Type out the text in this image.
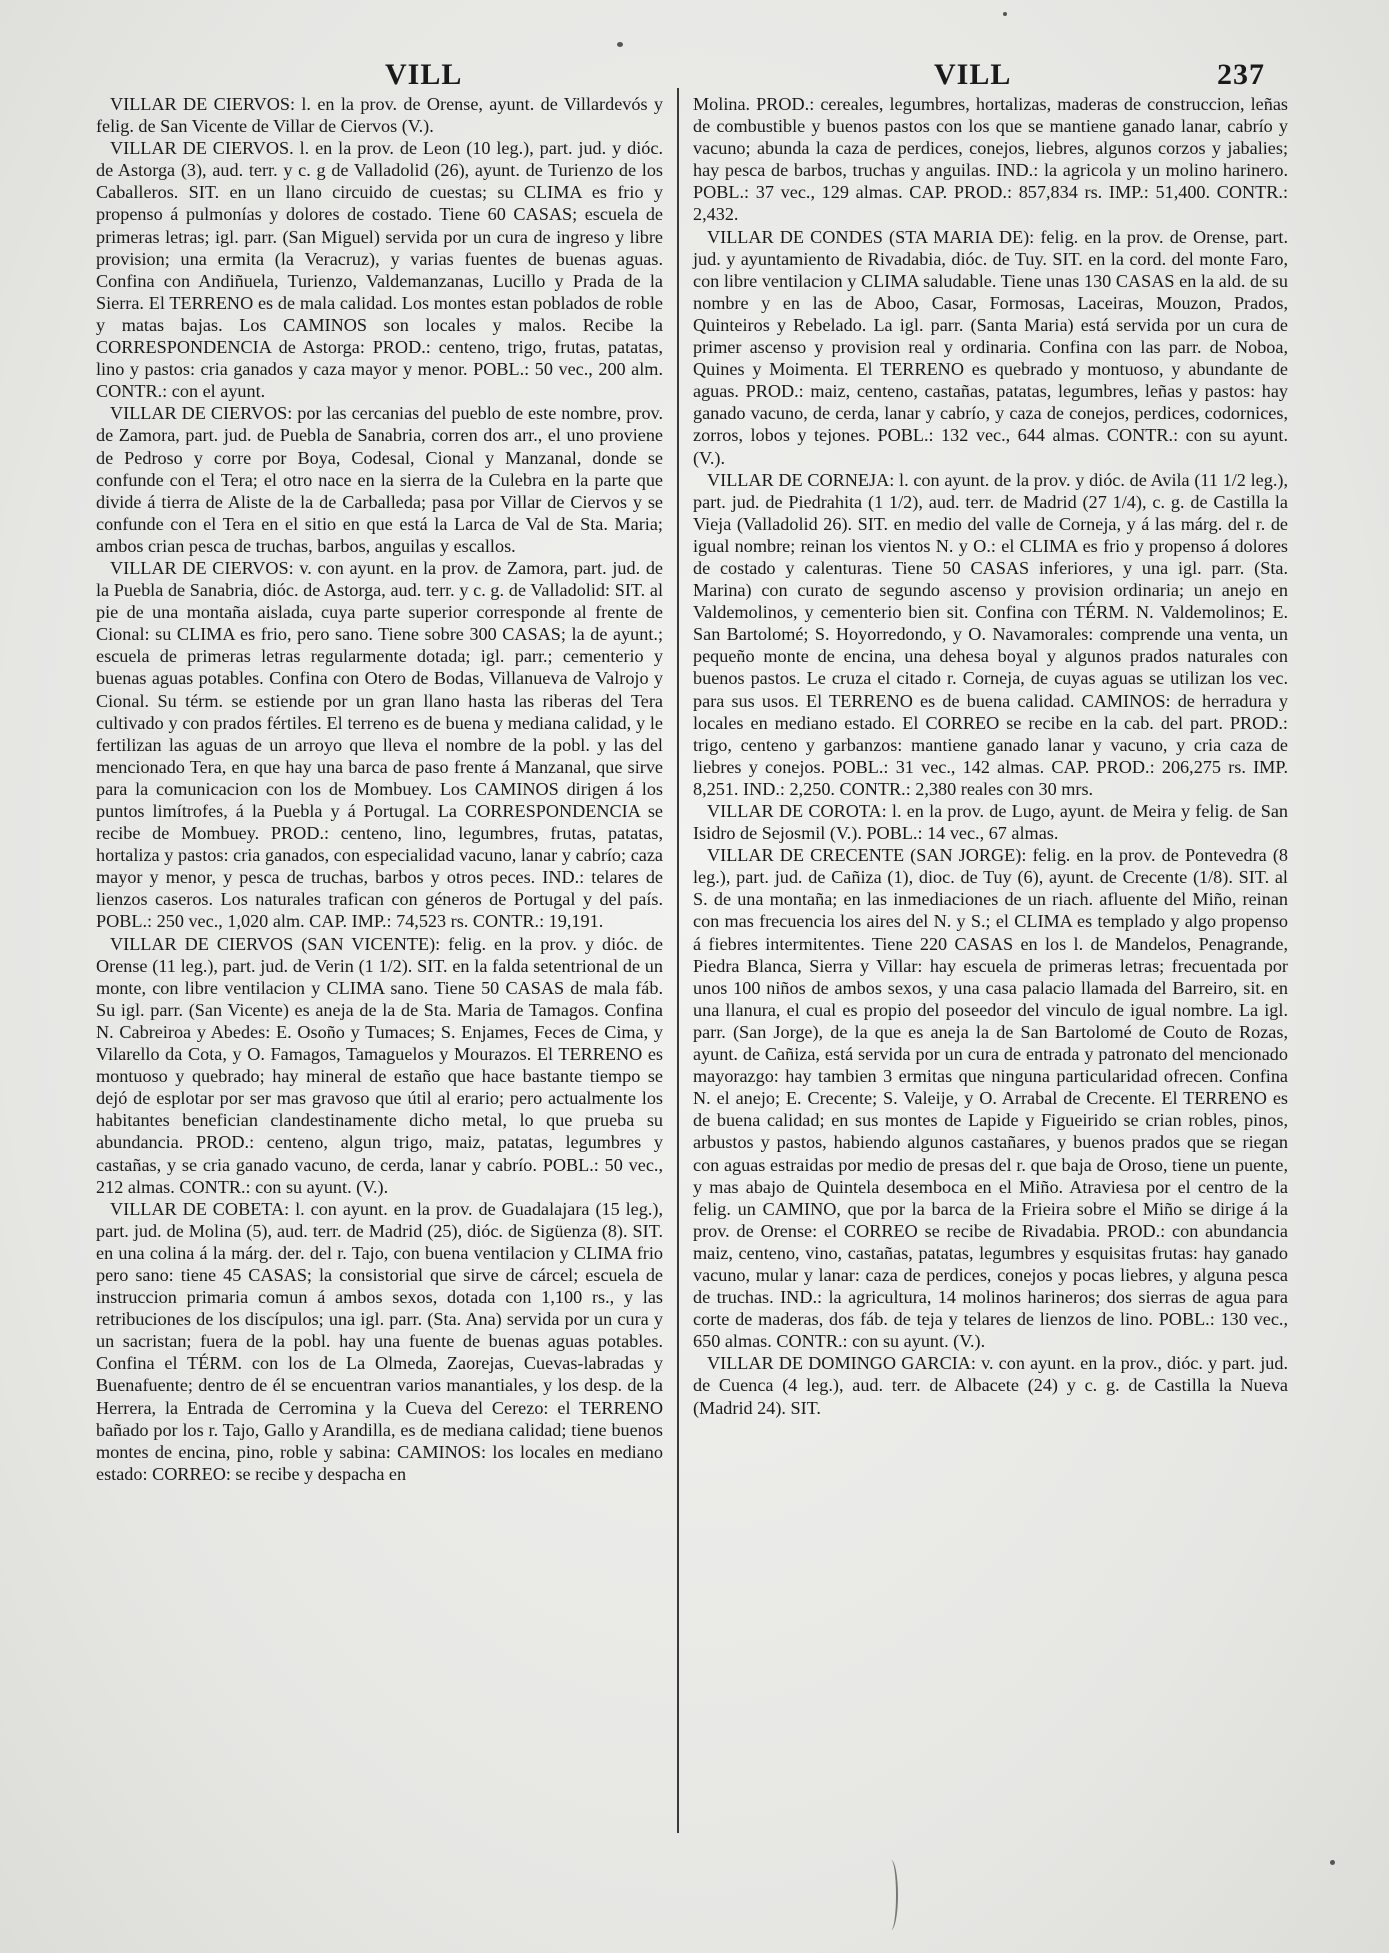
VILL	VILL	237

VILLAR DE CIERVOS: l. en la prov. de Orense, ayunt. de Villardevós y felig. de San Vicente de Villar de Ciervos (V.).

VILLAR DE CIERVOS. l. en la prov. de Leon (10 leg.), part. jud. y dióc. de Astorga (3), aud. terr. y c. g de Valladolid (26), ayunt. de Turienzo de los Caballeros. SIT. en un llano circuido de cuestas; su CLIMA es frio y propenso á pulmonías y dolores de costado. Tiene 60 CASAS; escuela de primeras letras; igl. parr. (San Miguel) servida por un cura de ingreso y libre provision; una ermita (la Veracruz), y varias fuentes de buenas aguas. Confina con Andiñuela, Turienzo, Valdemanzanas, Lucillo y Prada de la Sierra. El TERRENO es de mala calidad. Los montes estan poblados de roble y matas bajas. Los CAMINOS son locales y malos. Recibe la CORRESPONDENCIA de Astorga: PROD.: centeno, trigo, frutas, patatas, lino y pastos: cria ganados y caza mayor y menor. POBL.: 50 vec., 200 alm. CONTR.: con el ayunt.

VILLAR DE CIERVOS: por las cercanias del pueblo de este nombre, prov. de Zamora, part. jud. de Puebla de Sanabria, corren dos arr., el uno proviene de Pedroso y corre por Boya, Codesal, Cional y Manzanal, donde se confunde con el Tera; el otro nace en la sierra de la Culebra en la parte que divide á tierra de Aliste de la de Carballeda; pasa por Villar de Ciervos y se confunde con el Tera en el sitio en que está la Larca de Val de Sta. Maria; ambos crian pesca de truchas, barbos, anguilas y escallos.

VILLAR DE CIERVOS: v. con ayunt. en la prov. de Zamora, part. jud. de la Puebla de Sanabria, dióc. de Astorga, aud. terr. y c. g. de Valladolid: SIT. al pie de una montaña aislada, cuya parte superior corresponde al frente de Cional: su CLIMA es frio, pero sano. Tiene sobre 300 CASAS; la de ayunt.; escuela de primeras letras regularmente dotada; igl. parr.; cementerio y buenas aguas potables. Confina con Otero de Bodas, Villanueva de Valrojo y Cional. Su térm. se estiende por un gran llano hasta las riberas del Tera cultivado y con prados fértiles. El terreno es de buena y mediana calidad, y le fertilizan las aguas de un arroyo que lleva el nombre de la pobl. y las del mencionado Tera, en que hay una barca de paso frente á Manzanal, que sirve para la comunicacion con los de Mombuey. Los CAMINOS dirigen á los puntos limítrofes, á la Puebla y á Portugal. La CORRESPONDENCIA se recibe de Mombuey. PROD.: centeno, lino, legumbres, frutas, patatas, hortaliza y pastos: cria ganados, con especialidad vacuno, lanar y cabrío; caza mayor y menor, y pesca de truchas, barbos y otros peces. IND.: telares de lienzos caseros. Los naturales trafican con géneros de Portugal y del país. POBL.: 250 vec., 1,020 alm. CAP. IMP.: 74,523 rs. CONTR.: 19,191.

VILLAR DE CIERVOS (SAN VICENTE): felig. en la prov. y dióc. de Orense (11 leg.), part. jud. de Verin (1 1/2). SIT. en la falda setentrional de un monte, con libre ventilacion y CLIMA sano. Tiene 50 CASAS de mala fáb. Su igl. parr. (San Vicente) es aneja de la de Sta. Maria de Tamagos. Confina N. Cabreiroa y Abedes: E. Osoño y Tumaces; S. Enjames, Feces de Cima, y Vilarello da Cota, y O. Famagos, Tamaguelos y Mourazos. El TERRENO es montuoso y quebrado; hay mineral de estaño que hace bastante tiempo se dejó de esplotar por ser mas gravoso que útil al erario; pero actualmente los habitantes benefician clandestinamente dicho metal, lo que prueba su abundancia. PROD.: centeno, algun trigo, maiz, patatas, legumbres y castañas, y se cria ganado vacuno, de cerda, lanar y cabrío. POBL.: 50 vec., 212 almas. CONTR.: con su ayunt. (V.).

VILLAR DE COBETA: l. con ayunt. en la prov. de Guadalajara (15 leg.), part. jud. de Molina (5), aud. terr. de Madrid (25), dióc. de Sigüenza (8). SIT. en una colina á la márg. der. del r. Tajo, con buena ventilacion y CLIMA frio pero sano: tiene 45 CASAS; la consistorial que sirve de cárcel; escuela de instruccion primaria comun á ambos sexos, dotada con 1,100 rs., y las retribuciones de los discípulos; una igl. parr. (Sta. Ana) servida por un cura y un sacristan; fuera de la pobl. hay una fuente de buenas aguas potables. Confina el TÉRM. con los de La Olmeda, Zaorejas, Cuevas-labradas y Buenafuente; dentro de él se encuentran varios manantiales, y los desp. de la Herrera, la Entrada de Cerromina y la Cueva del Cerezo: el TERRENO bañado por los r. Tajo, Gallo y Arandilla, es de mediana calidad; tiene buenos montes de encina, pino, roble y sabina: CAMINOS: los locales en mediano estado: CORREO: se recibe y despacha en

Molina. PROD.: cereales, legumbres, hortalizas, maderas de construccion, leñas de combustible y buenos pastos con los que se mantiene ganado lanar, cabrío y vacuno; abunda la caza de perdices, conejos, liebres, algunos corzos y jabalies; hay pesca de barbos, truchas y anguilas. IND.: la agricola y un molino harinero. POBL.: 37 vec., 129 almas. CAP. PROD.: 857,834 rs. IMP.: 51,400. CONTR.: 2,432.

VILLAR DE CONDES (STA MARIA DE): felig. en la prov. de Orense, part. jud. y ayuntamiento de Rivadabia, dióc. de Tuy. SIT. en la cord. del monte Faro, con libre ventilacion y CLIMA saludable. Tiene unas 130 CASAS en la ald. de su nombre y en las de Aboo, Casar, Formosas, Laceiras, Mouzon, Prados, Quinteiros y Rebelado. La igl. parr. (Santa Maria) está servida por un cura de primer ascenso y provision real y ordinaria. Confina con las parr. de Noboa, Quines y Moimenta. El TERRENO es quebrado y montuoso, y abundante de aguas. PROD.: maiz, centeno, castañas, patatas, legumbres, leñas y pastos: hay ganado vacuno, de cerda, lanar y cabrío, y caza de conejos, perdices, codornices, zorros, lobos y tejones. POBL.: 132 vec., 644 almas. CONTR.: con su ayunt. (V.).

VILLAR DE CORNEJA: l. con ayunt. de la prov. y dióc. de Avila (11 1/2 leg.), part. jud. de Piedrahita (1 1/2), aud. terr. de Madrid (27 1/4), c. g. de Castilla la Vieja (Valladolid 26). SIT. en medio del valle de Corneja, y á las márg. del r. de igual nombre; reinan los vientos N. y O.: el CLIMA es frio y propenso á dolores de costado y calenturas. Tiene 50 CASAS inferiores, y una igl. parr. (Sta. Marina) con curato de segundo ascenso y provision ordinaria; un anejo en Valdemolinos, y cementerio bien sit. Confina con TÉRM. N. Valdemolinos; E. San Bartolomé; S. Hoyorredondo, y O. Navamorales: comprende una venta, un pequeño monte de encina, una dehesa boyal y algunos prados naturales con buenos pastos. Le cruza el citado r. Corneja, de cuyas aguas se utilizan los vec. para sus usos. El TERRENO es de buena calidad. CAMINOS: de herradura y locales en mediano estado. El CORREO se recibe en la cab. del part. PROD.: trigo, centeno y garbanzos: mantiene ganado lanar y vacuno, y cria caza de liebres y conejos. POBL.: 31 vec., 142 almas. CAP. PROD.: 206,275 rs. IMP. 8,251. IND.: 2,250. CONTR.: 2,380 reales con 30 mrs.

VILLAR DE COROTA: l. en la prov. de Lugo, ayunt. de Meira y felig. de San Isidro de Sejosmil (V.). POBL.: 14 vec., 67 almas.

VILLAR DE CRECENTE (SAN JORGE): felig. en la prov. de Pontevedra (8 leg.), part. jud. de Cañiza (1), dioc. de Tuy (6), ayunt. de Crecente (1/8). SIT. al S. de una montaña; en las inmediaciones de un riach. afluente del Miño, reinan con mas frecuencia los aires del N. y S.; el CLIMA es templado y algo propenso á fiebres intermitentes. Tiene 220 CASAS en los l. de Mandelos, Penagrande, Piedra Blanca, Sierra y Villar: hay escuela de primeras letras; frecuentada por unos 100 niños de ambos sexos, y una casa palacio llamada del Barreiro, sit. en una llanura, el cual es propio del poseedor del vinculo de igual nombre. La igl. parr. (San Jorge), de la que es aneja la de San Bartolomé de Couto de Rozas, ayunt. de Cañiza, está servida por un cura de entrada y patronato del mencionado mayorazgo: hay tambien 3 ermitas que ninguna particularidad ofrecen. Confina N. el anejo; E. Crecente; S. Valeije, y O. Arrabal de Crecente. El TERRENO es de buena calidad; en sus montes de Lapide y Figueirido se crian robles, pinos, arbustos y pastos, habiendo algunos castañares, y buenos prados que se riegan con aguas estraidas por medio de presas del r. que baja de Oroso, tiene un puente, y mas abajo de Quintela desemboca en el Miño. Atraviesa por el centro de la felig. un CAMINO, que por la barca de la Frieira sobre el Miño se dirige á la prov. de Orense: el CORREO se recibe de Rivadabia. PROD.: con abundancia maiz, centeno, vino, castañas, patatas, legumbres y esquisitas frutas: hay ganado vacuno, mular y lanar: caza de perdices, conejos y pocas liebres, y alguna pesca de truchas. IND.: la agricultura, 14 molinos harineros; dos sierras de agua para corte de maderas, dos fáb. de teja y telares de lienzos de lino. POBL.: 130 vec., 650 almas. CONTR.: con su ayunt. (V.).

VILLAR DE DOMINGO GARCIA: v. con ayunt. en la prov., dióc. y part. jud. de Cuenca (4 leg.), aud. terr. de Albacete (24) y c. g. de Castilla la Nueva (Madrid 24). SIT.
